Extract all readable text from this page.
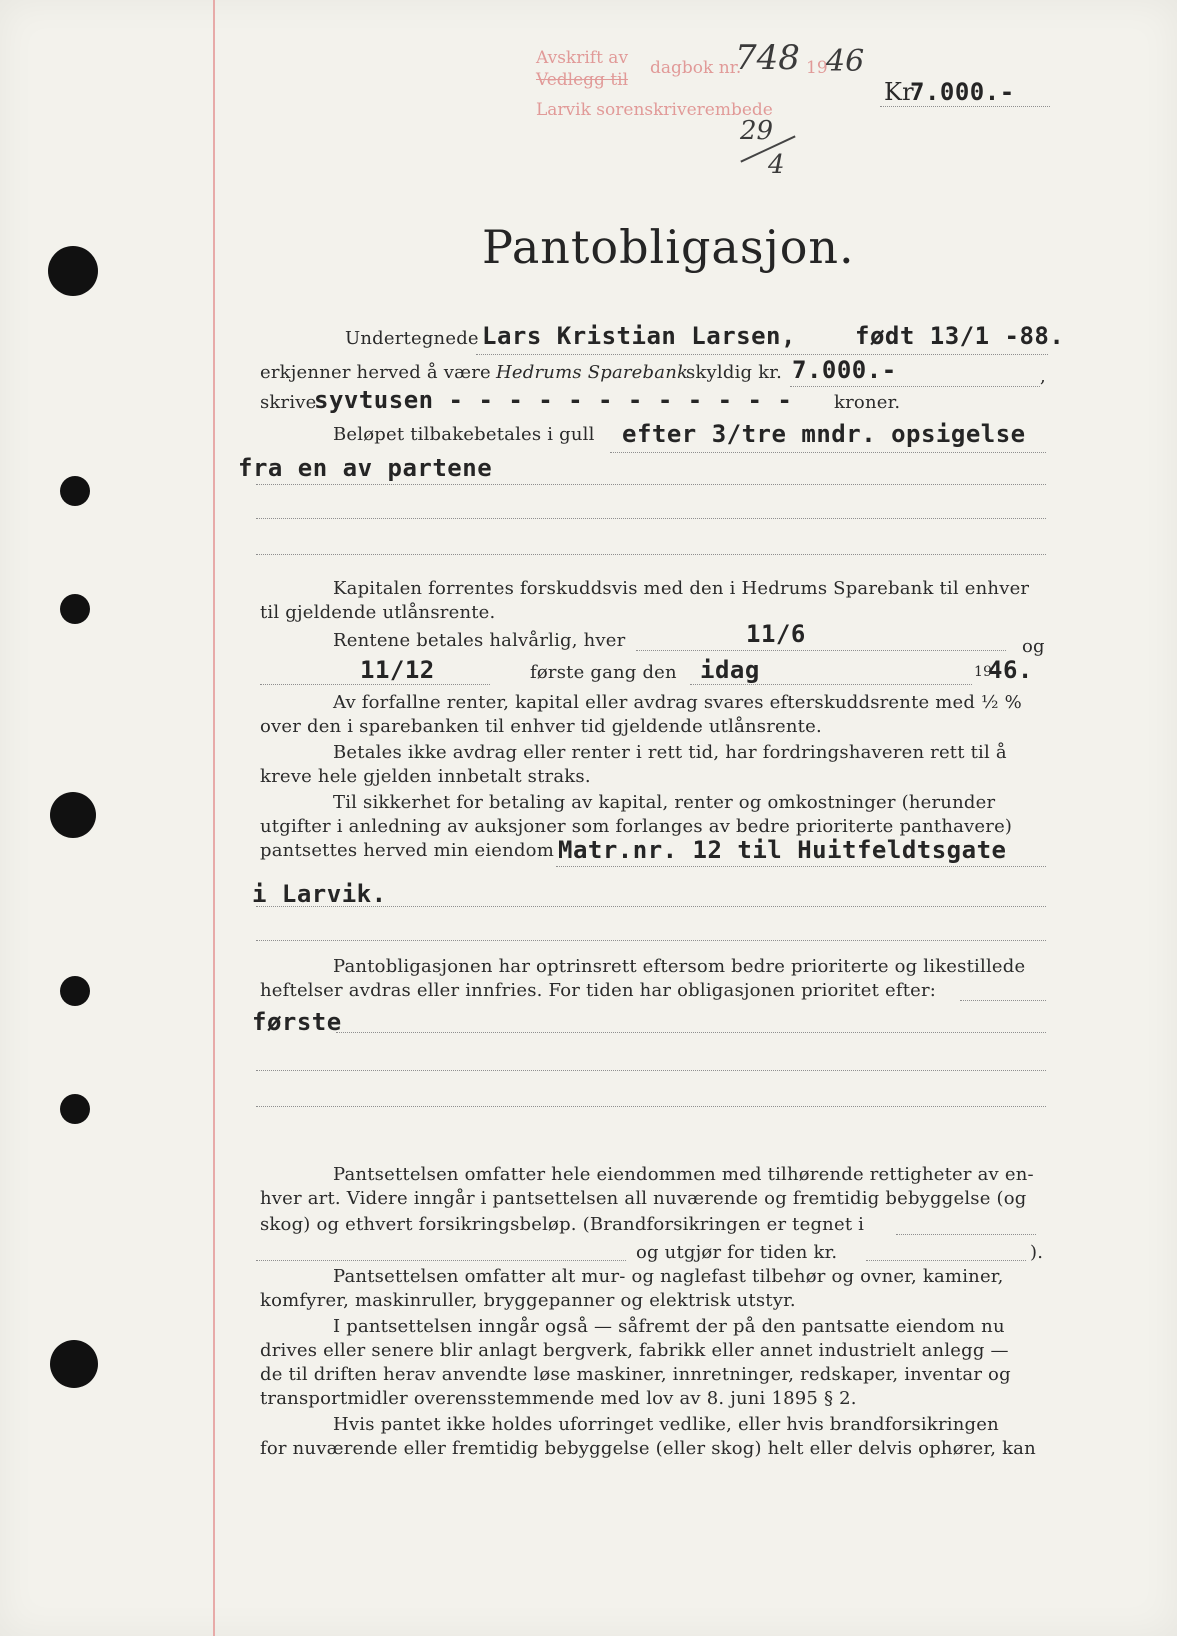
Avskrift av
Vedlegg til
Larvik sorenskriverembede
dagbok nr.
748 19
46
29
4
Kr
7.000.-
Pantobligasjon.
Undertegnede Lars Kristian Larsen, født 13/1 -88.
erkjenner herved å være Hedrums Sparebank
skyldig kr. 7.000.-	,
skrive
syvtusen - - - - - - - - - - - - kroner.
Beløpet tilbakebetales i gull efter 3/tre mndr. opsigelse
fra en av partene
Kapitalen forrentes forskuddsvis med den i Hedrums Sparebank til enhver
til gjeldende utlånsrente.
Rentene betales halvårlig, hver	11/6	og
11/12	første gang den idag	19
46.
Av forfallne renter, kapital eller avdrag svares efterskuddsrente med ½ %
over den i sparebanken til enhver tid gjeldende utlånsrente.
Betales ikke avdrag eller renter i rett tid, har fordringshaveren rett til å
kreve hele gjelden innbetalt straks.
Til sikkerhet for betaling av kapital, renter og omkostninger (herunder
utgifter i anledning av auksjoner som forlanges av bedre prioriterte panthavere)
pantsettes herved min eiendom Matr.nr. 12 til Huitfeldtsgate
i Larvik.
Pantobligasjonen har optrinsrett eftersom bedre prioriterte og likestillede
heftelser avdras eller innfries. For tiden har obligasjonen prioritet efter:
første
Pantsettelsen omfatter hele eiendommen med tilhørende rettigheter av en-
hver art. Videre inngår i pantsettelsen all nuværende og fremtidig bebyggelse (og
skog) og ethvert forsikringsbeløp. (Brandforsikringen er tegnet i
og utgjør for tiden kr.	).
Pantsettelsen omfatter alt mur- og naglefast tilbehør og ovner, kaminer,
komfyrer, maskinruller, bryggepanner og elektrisk utstyr.
I pantsettelsen inngår også — såfremt der på den pantsatte eiendom nu
drives eller senere blir anlagt bergverk, fabrikk eller annet industrielt anlegg —
de til driften herav anvendte løse maskiner, innretninger, redskaper, inventar og
transportmidler overensstemmende med lov av 8. juni 1895 § 2.
Hvis pantet ikke holdes uforringet vedlike, eller hvis brandforsikringen
for nuværende eller fremtidig bebyggelse (eller skog) helt eller delvis ophører, kan
